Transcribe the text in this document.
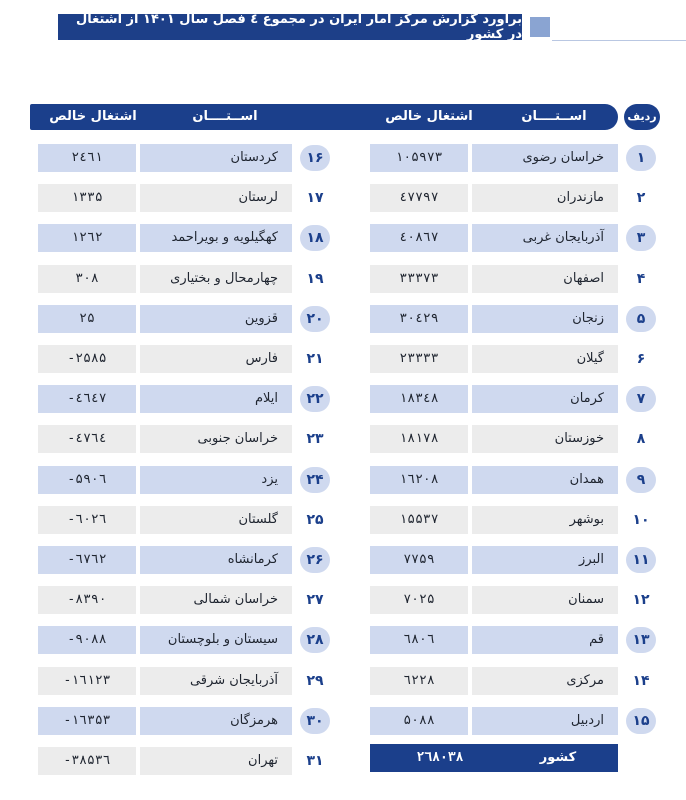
برآورد گزارش مرکز آمار ایران در مجموع ٤ فصل سال ۱۴۰۱ از اشتغال در کشور
اشتغال خالص	اســتــــان	اشتغال خالص	اســتــــان	ردیف
۲٤٦۱	کردستان	۱۶
۱۳۳۵	لرستان	۱۷
۱۲٦۲	کهگیلویه و بویراحمد	۱۸
۳۰۸	چهارمحال و بختیاری	۱۹
۲۵	قزوین	۲۰
-۲۵۸۵	فارس	۲۱
-٤٦٤٧	ایلام	۲۲
-٤٧٦٤	خراسان جنوبی	۲۳
-۵۹۰٦	یزد	۲۴
-٦۰۲٦	گلستان	۲۵
-٦٧٦۲	کرمانشاه	۲۶
-۸۳۹۰	خراسان شمالی	۲۷
-۹۰۸۸	سیستان و بلوچستان	۲۸
-۱٦۱۲۳	آذربایجان شرقی	۲۹
-۱٦۳۵۳	هرمزگان	۳۰
-۳۸۵۳٦	تهران	۳۱
۱۰۵۹۷۳	خراسان رضوی	۱
٤٧٧٩٧	مازندران	۲
٤٠٨٦٧	آذربایجان غربی	۳
۳۳۳۷۳	اصفهان	۴
۳۰٤۲۹	زنجان	۵
۲۳۳۳۳	گیلان	۶
۱۸۳٤۸	کرمان	۷
۱۸۱۷۸	خوزستان	۸
۱٦۲۰۸	همدان	۹
۱۵۵۳۷	بوشهر	۱۰
۷۷۵۹	البرز	۱۱
۷۰۲۵	سمنان	۱۲
٦۸۰٦	قم	۱۳
٦۲۲۸	مرکزی	۱۴
۵۰۸۸	اردبیل	۱۵
۲٦۸۰۳۸	کشور
